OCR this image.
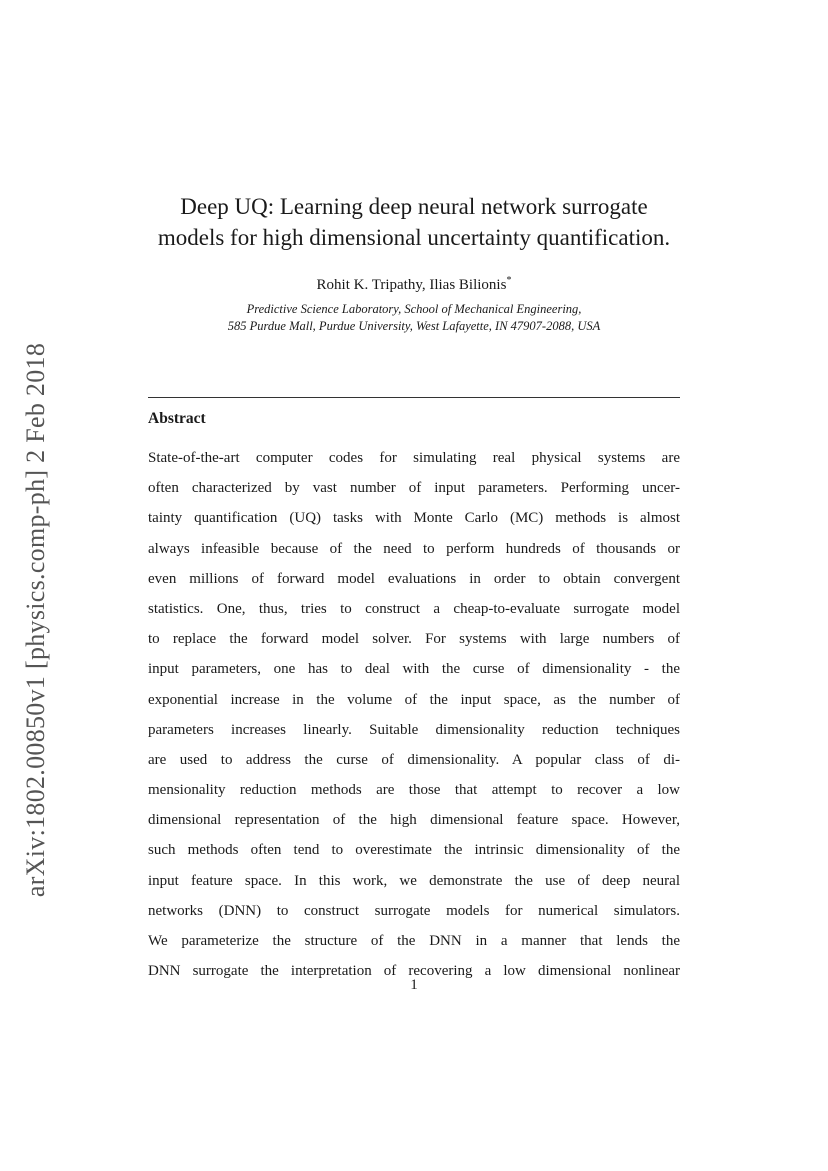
arXiv:1802.00850v1 [physics.comp-ph] 2 Feb 2018
Deep UQ: Learning deep neural network surrogate
models for high dimensional uncertainty quantification.
Rohit K. Tripathy, Ilias Bilionis*
Predictive Science Laboratory, School of Mechanical Engineering,
585 Purdue Mall, Purdue University, West Lafayette, IN 47907-2088, USA
Abstract
State-of-the-art computer codes for simulating real physical systems are
often characterized by vast number of input parameters. Performing uncer-
tainty quantification (UQ) tasks with Monte Carlo (MC) methods is almost
always infeasible because of the need to perform hundreds of thousands or
even millions of forward model evaluations in order to obtain convergent
statistics. One, thus, tries to construct a cheap-to-evaluate surrogate model
to replace the forward model solver. For systems with large numbers of
input parameters, one has to deal with the curse of dimensionality - the
exponential increase in the volume of the input space, as the number of
parameters increases linearly. Suitable dimensionality reduction techniques
are used to address the curse of dimensionality. A popular class of di-
mensionality reduction methods are those that attempt to recover a low
dimensional representation of the high dimensional feature space. However,
such methods often tend to overestimate the intrinsic dimensionality of the
input feature space. In this work, we demonstrate the use of deep neural
networks (DNN) to construct surrogate models for numerical simulators.
We parameterize the structure of the DNN in a manner that lends the
DNN surrogate the interpretation of recovering a low dimensional nonlinear
1
